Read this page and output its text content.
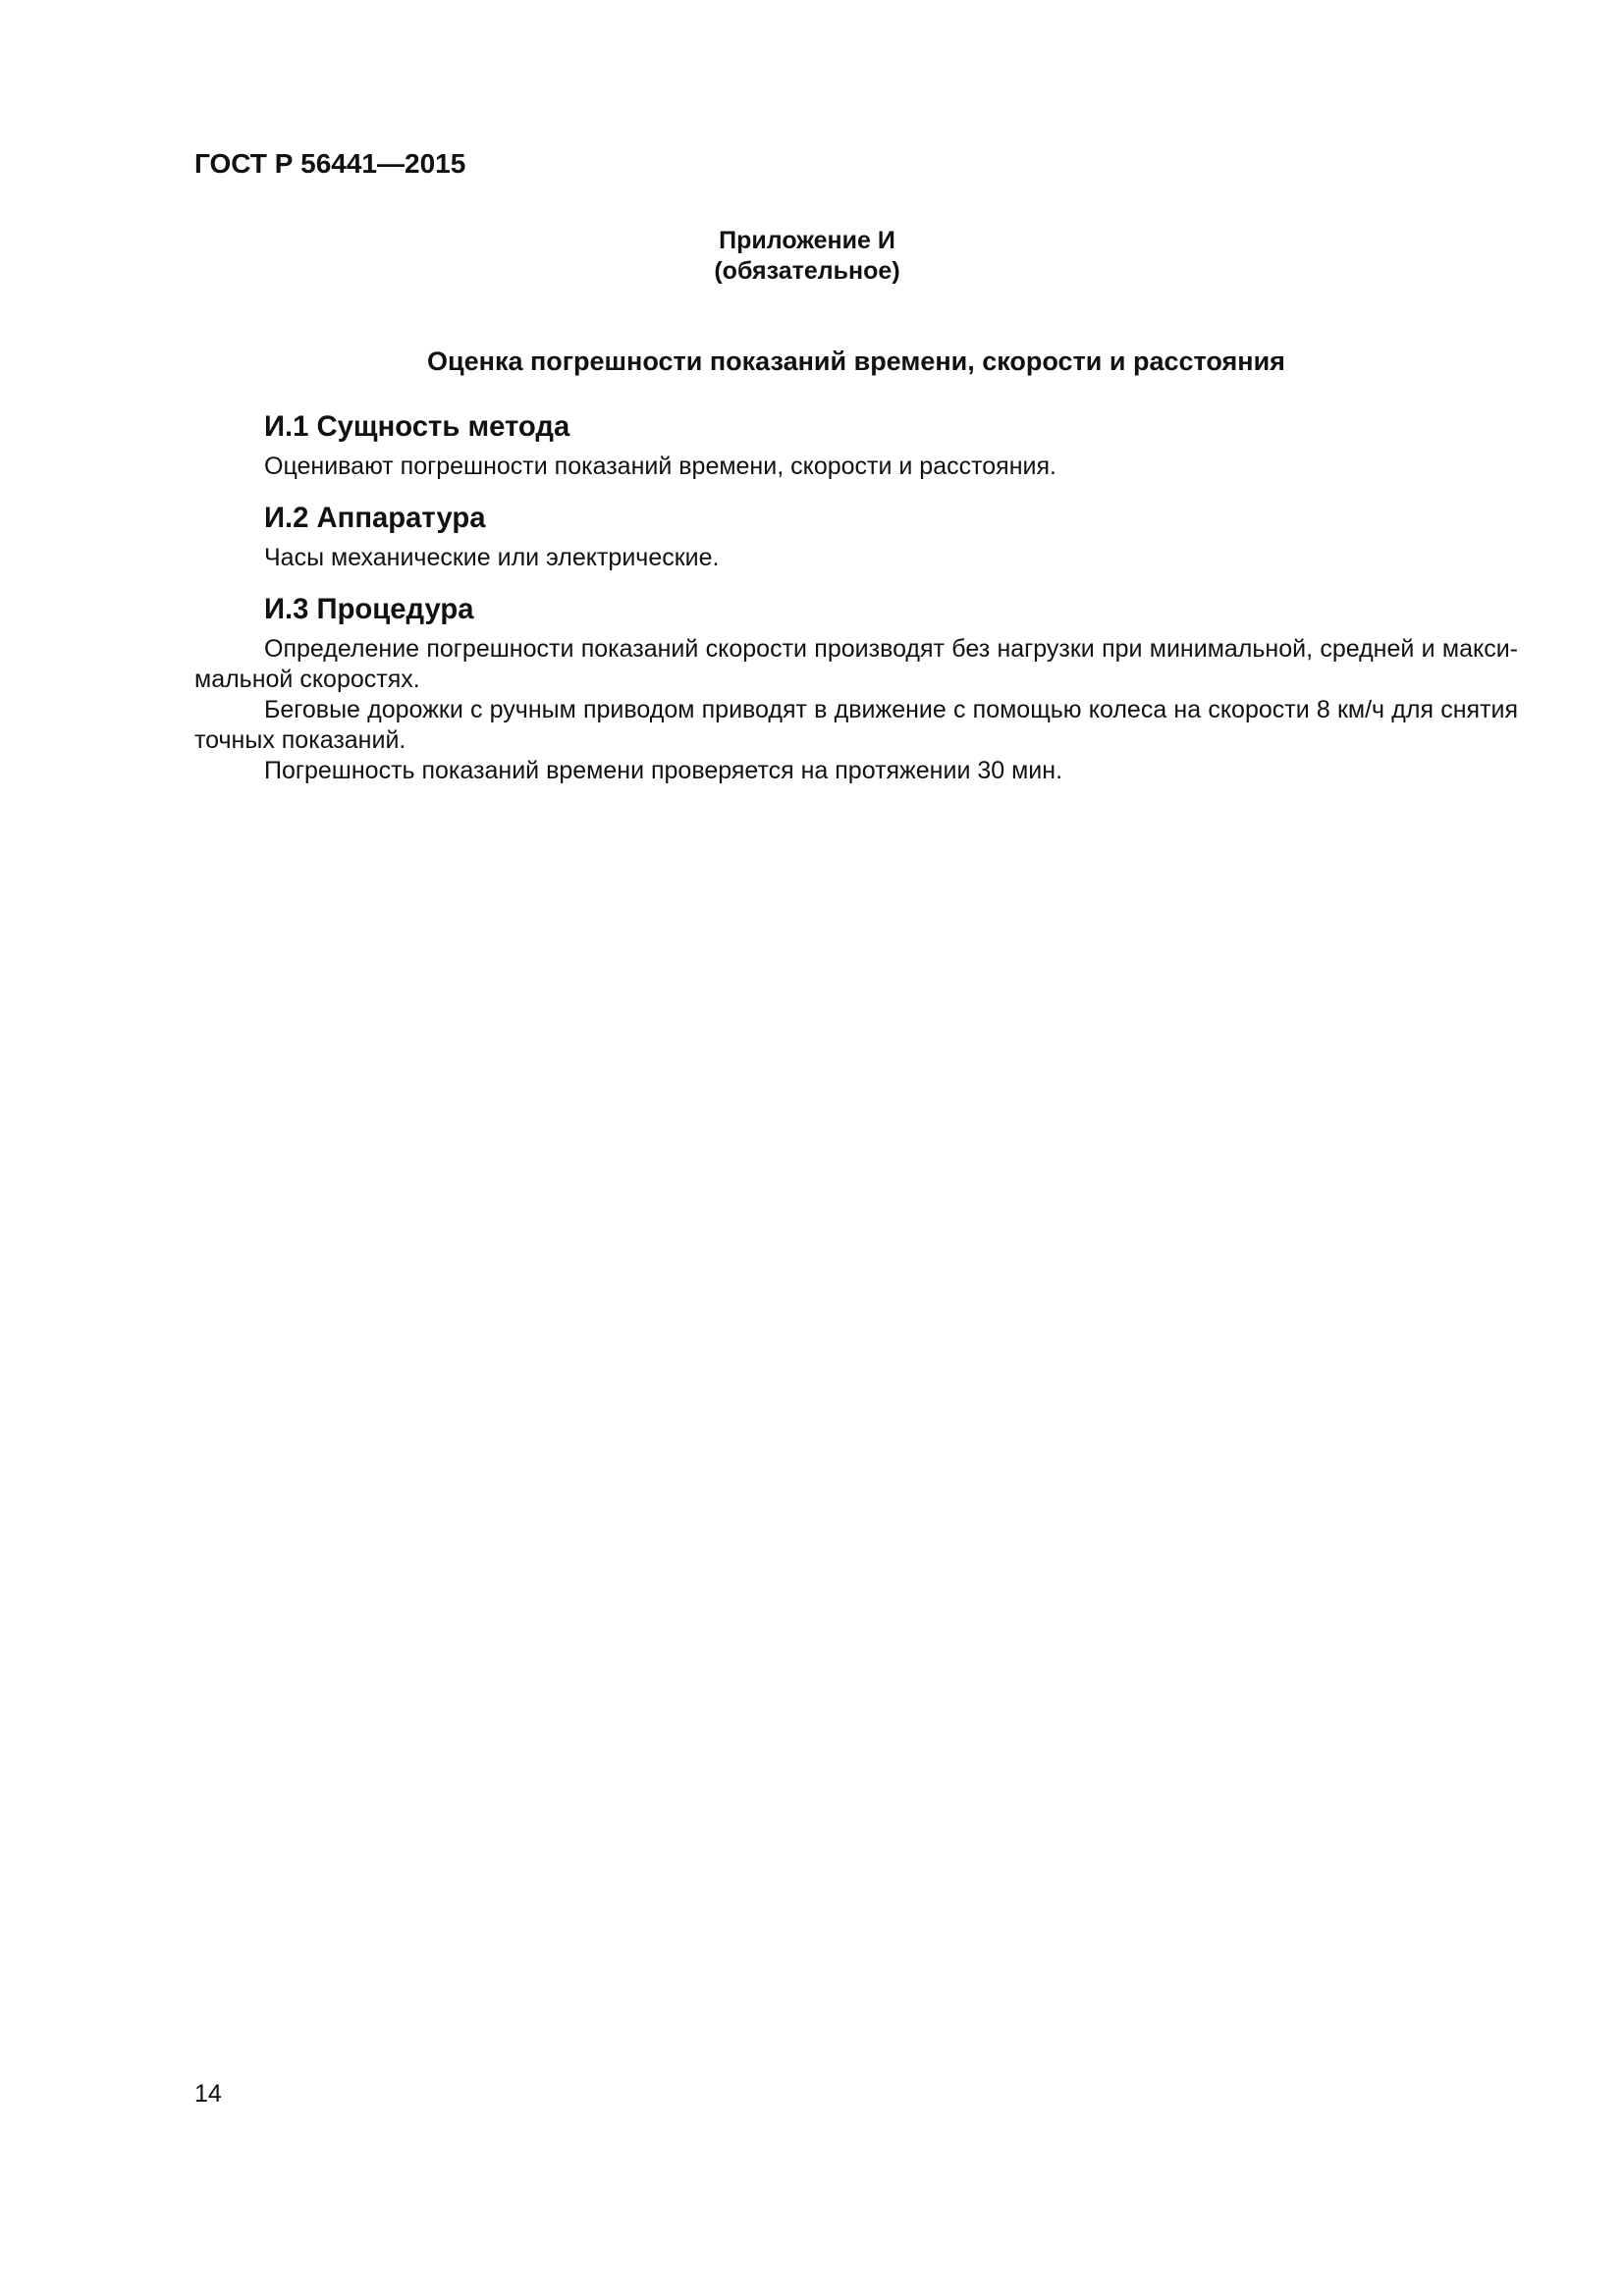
ГОСТ Р 56441—2015
Приложение И
(обязательное)
Оценка погрешности показаний времени, скорости и расстояния
И.1 Сущность метода

Оценивают погрешности показаний времени, скорости и расстояния.

И.2 Аппаратура

Часы механические или электрические.

И.3 Процедура

Определение погрешности показаний скорости производят без нагрузки при минимальной, средней и макси-мальной скоростях.

Беговые дорожки с ручным приводом приводят в движение с помощью колеса на скорости 8 км/ч для снятия точных показаний.

Погрешность показаний времени проверяется на протяжении 30 мин.

14
